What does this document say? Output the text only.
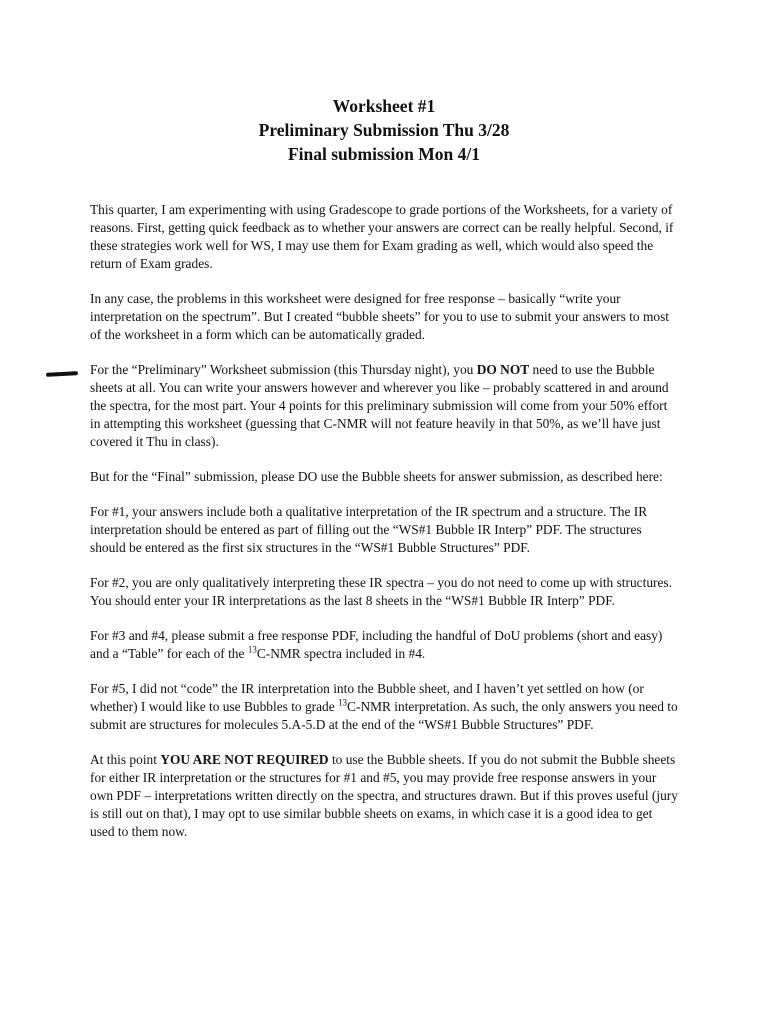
Worksheet #1
Preliminary Submission Thu 3/28
Final submission Mon 4/1

This quarter, I am experimenting with using Gradescope to grade portions of the Worksheets, for a variety of reasons. First, getting quick feedback as to whether your answers are correct can be really helpful. Second, if these strategies work well for WS, I may use them for Exam grading as well, which would also speed the return of Exam grades.

In any case, the problems in this worksheet were designed for free response – basically “write your interpretation on the spectrum”. But I created “bubble sheets” for you to use to submit your answers to most of the worksheet in a form which can be automatically graded.

For the “Preliminary” Worksheet submission (this Thursday night), you DO NOT need to use the Bubble sheets at all. You can write your answers however and wherever you like – probably scattered in and around the spectra, for the most part. Your 4 points for this preliminary submission will come from your 50% effort in attempting this worksheet (guessing that C-NMR will not feature heavily in that 50%, as we’ll have just covered it Thu in class).

But for the “Final” submission, please DO use the Bubble sheets for answer submission, as described here:

For #1, your answers include both a qualitative interpretation of the IR spectrum and a structure. The IR interpretation should be entered as part of filling out the “WS#1 Bubble IR Interp” PDF. The structures should be entered as the first six structures in the “WS#1 Bubble Structures” PDF.

For #2, you are only qualitatively interpreting these IR spectra – you do not need to come up with structures. You should enter your IR interpretations as the last 8 sheets in the “WS#1 Bubble IR Interp” PDF.

For #3 and #4, please submit a free response PDF, including the handful of DoU problems (short and easy) and a “Table” for each of the $^{13}$C-NMR spectra included in #4.

For #5, I did not “code” the IR interpretation into the Bubble sheet, and I haven’t yet settled on how (or whether) I would like to use Bubbles to grade $^{13}$C-NMR interpretation. As such, the only answers you need to submit are structures for molecules 5.A-5.D at the end of the “WS#1 Bubble Structures” PDF.

At this point YOU ARE NOT REQUIRED to use the Bubble sheets. If you do not submit the Bubble sheets for either IR interpretation or the structures for #1 and #5, you may provide free response answers in your own PDF – interpretations written directly on the spectra, and structures drawn. But if this proves useful (jury is still out on that), I may opt to use similar bubble sheets on exams, in which case it is a good idea to get used to them now.
